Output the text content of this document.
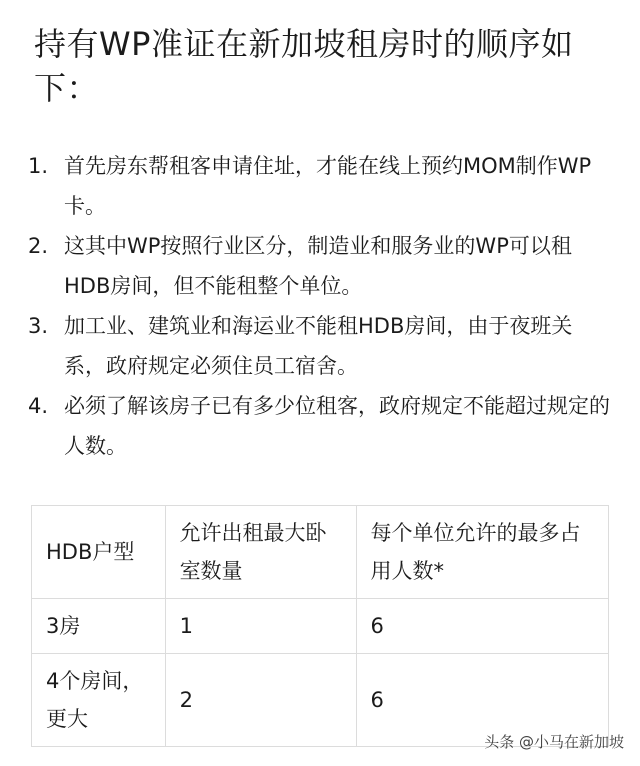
持有WP准证在新加坡租房时的顺序如下：
1. 首先房东帮租客申请住址，才能在线上预约MOM制作WP卡。
2. 这其中WP按照行业区分，制造业和服务业的WP可以租HDB房间，但不能租整个单位。
3. 加工业、建筑业和海运业不能租HDB房间，由于夜班关系，政府规定必须住员工宿舍。
4. 必须了解该房子已有多少位租客，政府规定不能超过规定的人数。
HDB户型	允许出租最大卧室数量	每个单位允许的最多占用人数*
3房	1	6
4个房间，更大	2	6
头条 @小马在新加坡
